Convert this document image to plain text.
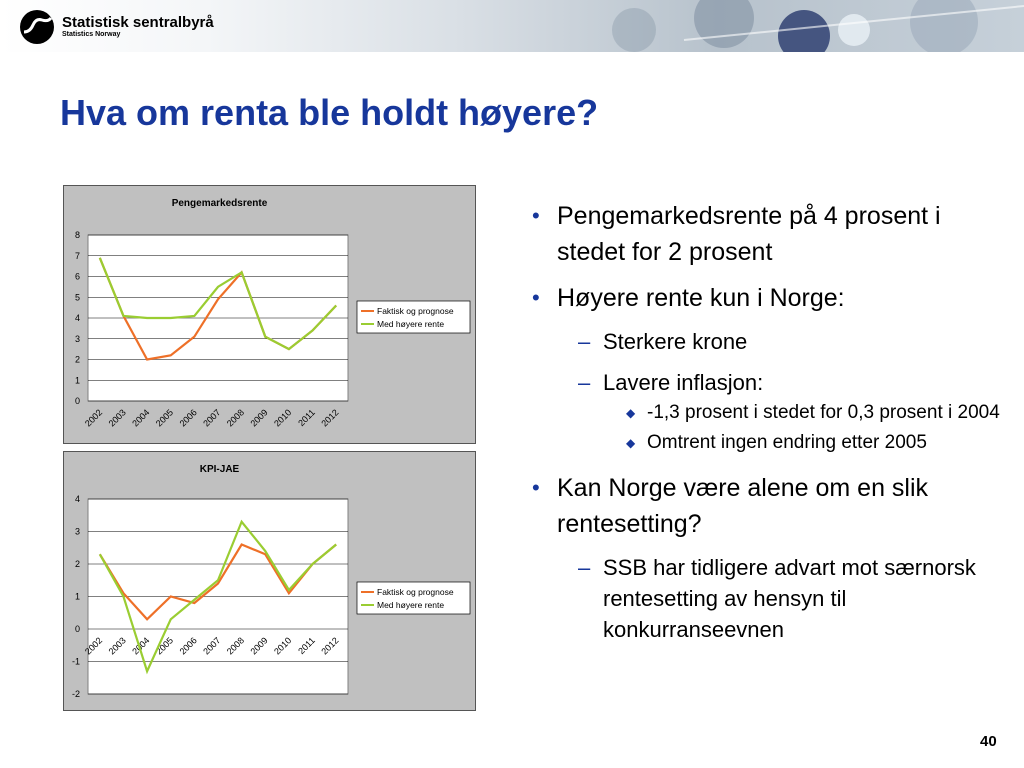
Statistisk sentralbyrå
Statistics Norway
Hva om renta ble holdt høyere?
Pengemarkedsrente
0
1
2
3
4
5
6
7
8
2002 2003 2004 2005 2006 2007 2008 2009 2010 2011 2012
Faktisk og prognose
Med høyere rente
KPI-JAE
-2
-1
0
1
2
3
4
2002 2003 2004 2005 2006 2007 2008 2009 2010 2011 2012
Faktisk og prognose
Med høyere rente
• Pengemarkedsrente på 4 prosent i stedet for 2 prosent
• Høyere rente kun i Norge:
– Sterkere krone
– Lavere inflasjon:
◆ -1,3 prosent i stedet for 0,3 prosent i 2004
◆ Omtrent ingen endring etter 2005
• Kan Norge være alene om en slik rentesetting?
– SSB har tidligere advart mot særnorsk rentesetting av hensyn til konkurranseevnen
40
